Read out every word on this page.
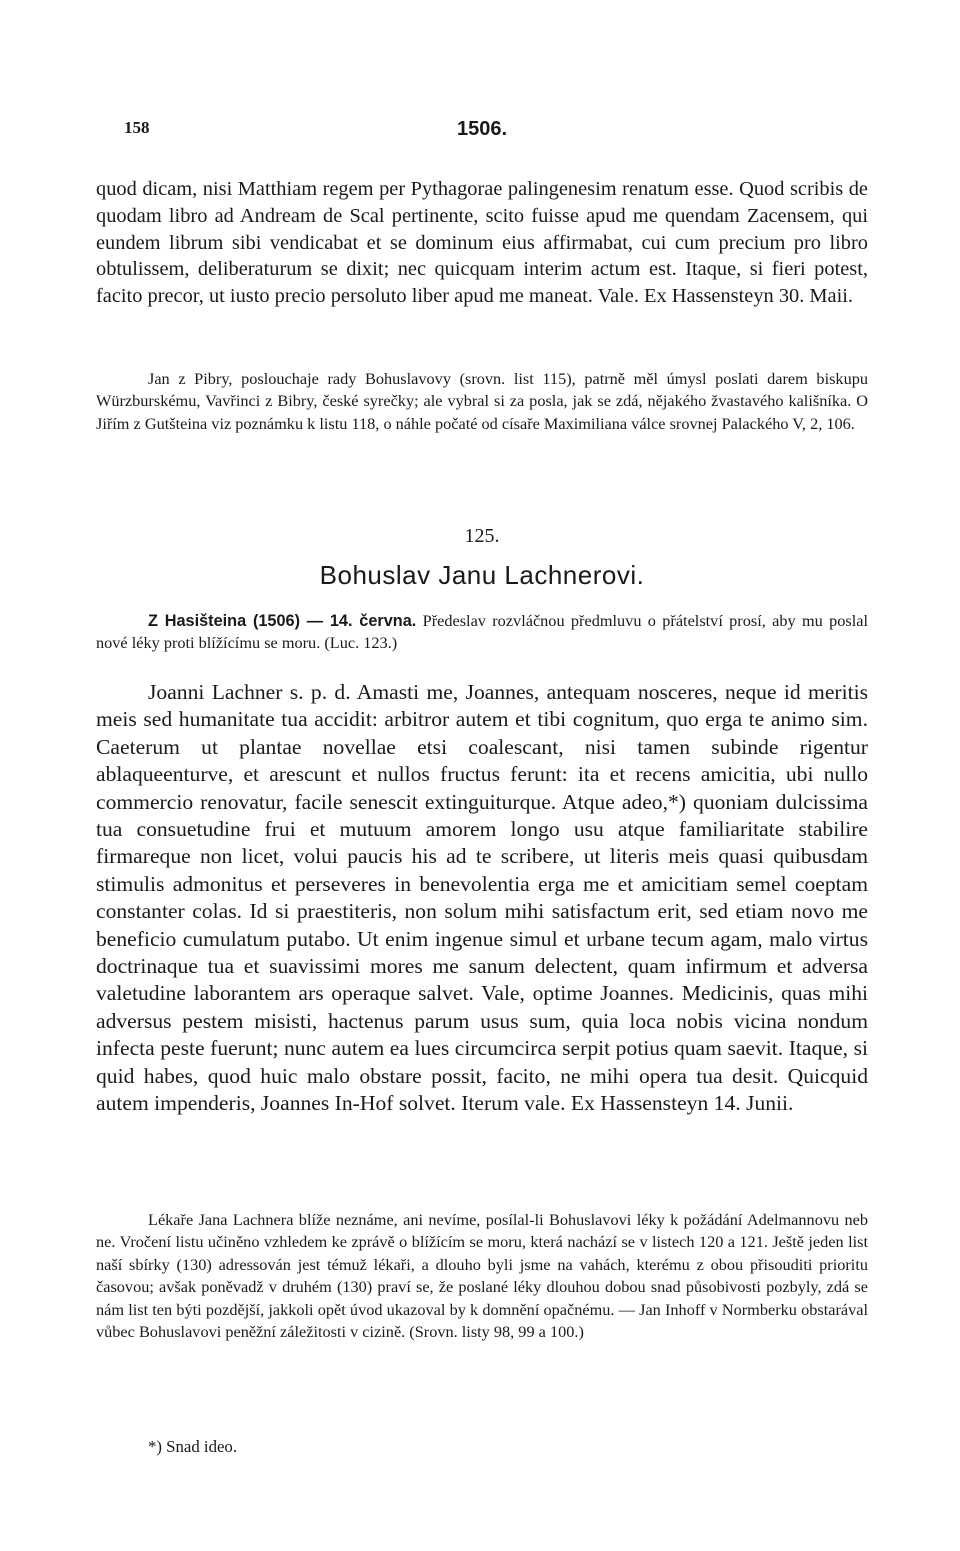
158	1506.

quod dicam, nisi Matthiam regem per Pythagorae palingenesim renatum esse. Quod scribis de quodam libro ad Andream de Scal pertinente, scito fuisse apud me quendam Zacensem, qui eundem librum sibi vendicabat et se dominum eius affirmabat, cui cum precium pro libro obtulissem, deliberaturum se dixit; nec quicquam interim actum est. Itaque, si fieri potest, facito precor, ut iusto precio persoluto liber apud me maneat. Vale. Ex Hassensteyn 30. Maii.

Jan z Pibry, poslouchaje rady Bohuslavovy (srovn. list 115), patrně měl úmysl poslati darem biskupu Würzburskému, Vavřinci z Bibry, české syrečky; ale vybral si za posla, jak se zdá, nějakého žvastavého kališníka. O Jiřím z Gutšteina viz poznámku k listu 118, o náhle počaté od císaře Maximiliana válce srovnej Palackého V, 2, 106.

125.
Bohuslav Janu Lachnerovi.

Z Hasišteina (1506) — 14. června. Předeslav rozvláčnou předmluvu o přátelství prosí, aby mu poslal nové léky proti blížícímu se moru. (Luc. 123.)

Joanni Lachner s. p. d. Amasti me, Joannes, antequam nosceres, neque id meritis meis sed humanitate tua accidit: arbitror autem et tibi cognitum, quo erga te animo sim. Caeterum ut plantae novellae etsi coalescant, nisi tamen subinde rigentur ablaqueenturve, et arescunt et nullos fructus ferunt: ita et recens amicitia, ubi nullo commercio renovatur, facile senescit extinguiturque. Atque adeo,*) quoniam dulcissima tua consuetudine frui et mutuum amorem longo usu atque familiaritate stabilire firmareque non licet, volui paucis his ad te scribere, ut literis meis quasi quibusdam stimulis admonitus et perseveres in benevolentia erga me et amicitiam semel coeptam constanter colas. Id si praestiteris, non solum mihi satisfactum erit, sed etiam novo me beneficio cumulatum putabo. Ut enim ingenue simul et urbane tecum agam, malo virtus doctrinaque tua et suavissimi mores me sanum delectent, quam infirmum et adversa valetudine laborantem ars operaque salvet. Vale, optime Joannes. Medicinis, quas mihi adversus pestem misisti, hactenus parum usus sum, quia loca nobis vicina nondum infecta peste fuerunt; nunc autem ea lues circumcirca serpit potius quam saevit. Itaque, si quid habes, quod huic malo obstare possit, facito, ne mihi opera tua desit. Quicquid autem impenderis, Joannes In-Hof solvet. Iterum vale. Ex Hassensteyn 14. Junii.

Lékaře Jana Lachnera blíže neznáme, ani nevíme, posílal-li Bohuslavovi léky k požádání Adelmannovu neb ne. Vročení listu učiněno vzhledem ke zprávě o blížícím se moru, která nachází se v listech 120 a 121. Ještě jeden list naší sbírky (130) adressován jest témuž lékaři, a dlouho byli jsme na vahách, kterému z obou přisouditi prioritu časovou; avšak poněvadž v druhém (130) praví se, že poslané léky dlouhou dobou snad působivosti pozbyly, zdá se nám list ten býti pozdější, jakkoli opět úvod ukazoval by k domnění opačnému. — Jan Inhoff v Normberku obstarával vůbec Bohuslavovi peněžní záležitosti v cizině. (Srovn. listy 98, 99 a 100.)

*) Snad ideo.
